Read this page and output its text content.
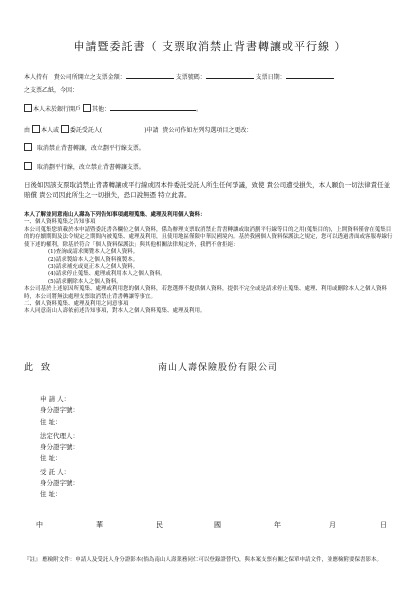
申請暨委託書（ 支票取消禁止背書轉讓或平行線 ）
本人持有 貴公司所開立之支票金額：	支票號碼：	支票日期：
之支票乙紙，今因：
本人未於銀行開戶 其他：	。
由 本人或 委託受託人(	)申請 貴公司作如左列勾選項目之更改：
取消禁止背書轉讓，改立劃平行線支票。
取消劃平行線，改立禁止背書轉讓支票。
日後如因該支票取消禁止背書轉讓或平行線或因本件委託受託人所生任何爭議，致使 貴公司遭受損失，本人願負一切法律責任並賠償 貴公司因此所生之一切損失，恐口說無憑 特立此書。
本人了解並同意南山人壽為下列告知事項處理蒐集、處理及利用個人資料：
一、個人資料蒐集之告知事項
本公司蒐集您填載於本申請暨委託書各欄位之個人資料，係為辦理支票取消禁止背書轉讓或取消劃平行線等目的之用(蒐集目的)，上開資料僅會在蒐集目的的存續期間及法令規定之期間內被蒐集、處理及利用，且使用地區僅限中華民國境內。基於我國個人資料保護法之規定，您可以透過書面或客服專線行使下述的權利，除基於符合「個人資料保護法」與其他相關法律規定外，我們不會拒絕：
(1)查詢或請求閱覽本人之個人資料。
(2)請求製給本人之個人資料複製本。
(3)請求補充或更正本人之個人資料。
(4)請求停止蒐集、處理或利用本人之個人資料。
(5)請求刪除本人之個人資料。
本公司基於上述原因所蒐集、處理或利用您的個人資料，若您選擇不提供個人資料，提供不完全或是請求停止蒐集、處理、利用或刪除本人之個人資料時，本公司將無法處理支票取消禁止背書轉讓等事宜。
二、個人資料蒐集、處理及利用之同意事項
本人同意南山人壽依前述告知事項，對本人之個人資料蒐集、處理及利用。
此致	南山人壽保險股份有限公司
申 請 人：
身分證字號：
住 址：
法定代理人：
身分證字號：
住 址：
受 託 人：
身分證字號：
住 址：
中	華	民	國	年	月	日
『註』 應檢附文件：申請人及受託人身分證影本(倘為南山人壽業務同仁可以登錄證替代)，與本案支票有關之保單申請文件，並應檢附要保書影本。
